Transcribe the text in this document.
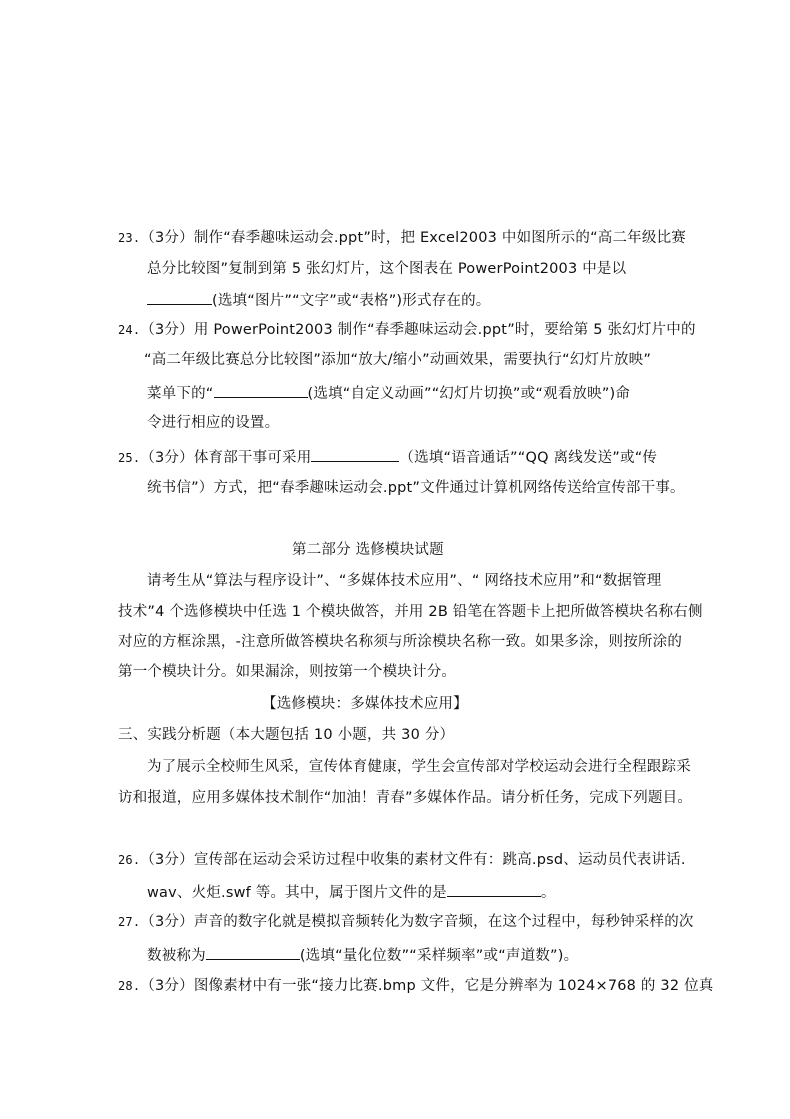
23.（3分）制作“春季趣味运动会.ppt”时，把 Excel2003 中如图所示的“高二年级比赛
总分比较图”复制到第 5 张幻灯片，这个图表在 PowerPoint2003 中是以
(选填“图片”“文字”或“表格”)形式存在的。
24.（3分）用 PowerPoint2003 制作“春季趣味运动会.ppt”时，要给第 5 张幻灯片中的
“高二年级比赛总分比较图”添加“放大/缩小”动画效果，需要执行“幻灯片放映”
菜单下的“	(选填“自定义动画”“幻灯片切换”或“观看放映”)命
令进行相应的设置。
25.（3分）体育部干事可采用	（选填“语音通话”“QQ 离线发送”或“传
统书信”）方式，把“春季趣味运动会.ppt”文件通过计算机网络传送给宣传部干事。
第二部分 选修模块试题
请考生从“算法与程序设计”、“多媒体技术应用”、“ 网络技术应用”和“数据管理
技术”4 个选修模块中任选 1 个模块做答，并用 2B 铅笔在答题卡上把所做答模块名称右侧
对应的方框涂黑，-注意所做答模块名称须与所涂模块名称一致。如果多涂，则按所涂的
第一个模块计分。如果漏涂，则按第一个模块计分。
【选修模块：多媒体技术应用】
三、实践分析题（本大题包括 10 小题，共 30 分）
为了展示全校师生风采，宣传体育健康，学生会宣传部对学校运动会进行全程跟踪采
访和报道，应用多媒体技术制作“加油！青春”多媒体作品。请分析任务，完成下列题目。
26.（3分）宣传部在运动会采访过程中收集的素材文件有：跳高.psd、运动员代表讲话.
wav、火炬.swf 等。其中，属于图片文件的是	。
27.（3分）声音的数字化就是模拟音频转化为数字音频，在这个过程中，每秒钟采样的次
数被称为	(选填“量化位数”“采样频率”或“声道数”)。
28.（3分）图像素材中有一张“接力比赛.bmp 文件，它是分辨率为 1024×768 的 32 位真
